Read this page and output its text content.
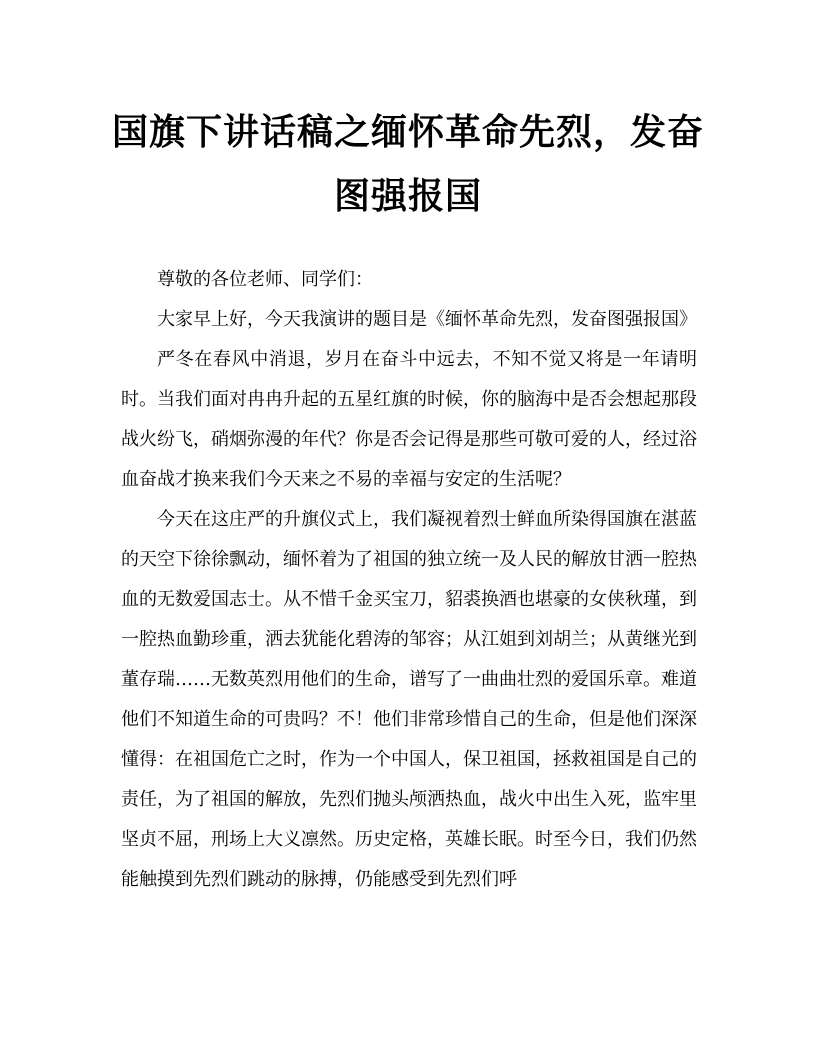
国旗下讲话稿之缅怀革命先烈，发奋图强报国

尊敬的各位老师、同学们：

大家早上好，今天我演讲的题目是《缅怀革命先烈，发奋图强报国》

严冬在春风中消退，岁月在奋斗中远去，不知不觉又将是一年请明时。当我们面对冉冉升起的五星红旗的时候，你的脑海中是否会想起那段战火纷飞，硝烟弥漫的年代？你是否会记得是那些可敬可爱的人，经过浴血奋战才换来我们今天来之不易的幸福与安定的生活呢？

今天在这庄严的升旗仪式上，我们凝视着烈士鲜血所染得国旗在湛蓝的天空下徐徐飘动，缅怀着为了祖国的独立统一及人民的解放甘洒一腔热血的无数爱国志士。从不惜千金买宝刀，貂裘换酒也堪豪的女侠秋瑾，到一腔热血勤珍重，洒去犹能化碧涛的邹容；从江姐到刘胡兰；从黄继光到董存瑞……无数英烈用他们的生命，谱写了一曲曲壮烈的爱国乐章。难道他们不知道生命的可贵吗？不！他们非常珍惜自己的生命，但是他们深深懂得：在祖国危亡之时，作为一个中国人，保卫祖国，拯救祖国是自己的责任，为了祖国的解放，先烈们抛头颅洒热血，战火中出生入死，监牢里坚贞不屈，刑场上大义凛然。历史定格，英雄长眠。时至今日，我们仍然能触摸到先烈们跳动的脉搏，仍能感受到先烈们呼
